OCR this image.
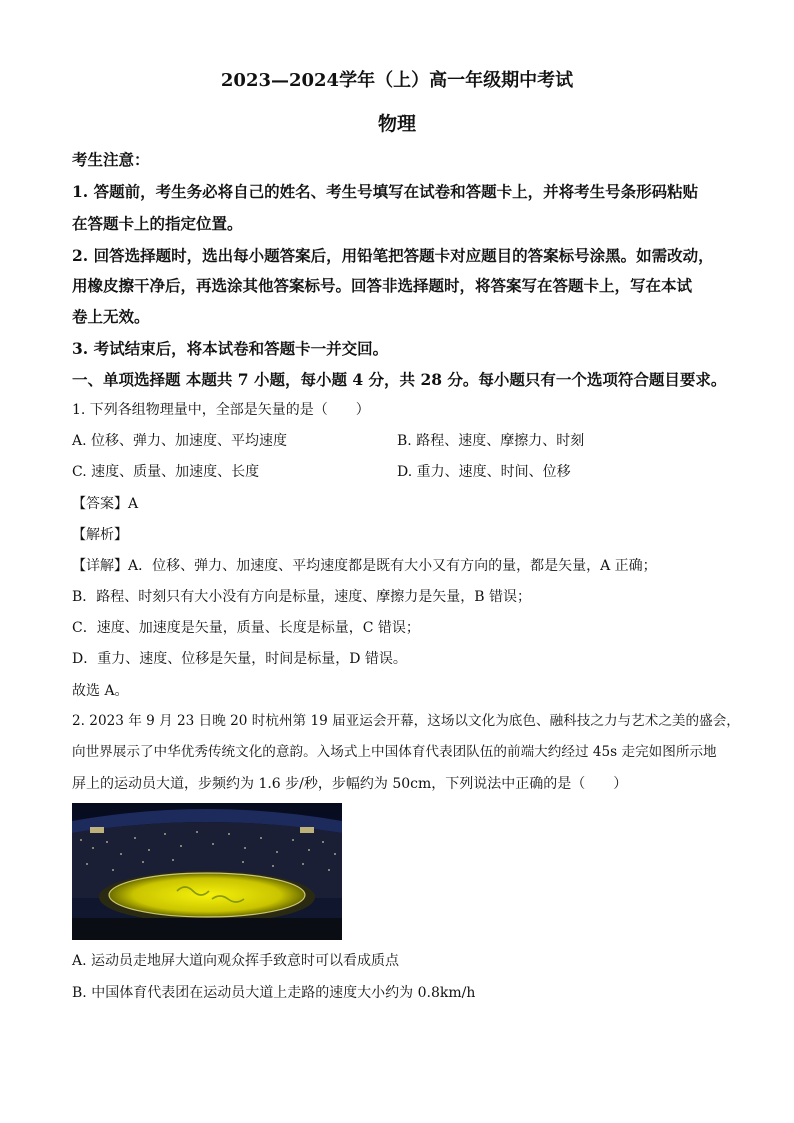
2023—2024学年（上）高一年级期中考试
物理
考生注意：
1. 答题前，考生务必将自己的姓名、考生号填写在试卷和答题卡上，并将考生号条形码粘贴
在答题卡上的指定位置。
2. 回答选择题时，选出每小题答案后，用铅笔把答题卡对应题目的答案标号涂黑。如需改动，
用橡皮擦干净后，再选涂其他答案标号。回答非选择题时，将答案写在答题卡上，写在本试
卷上无效。
3. 考试结束后，将本试卷和答题卡一并交回。
一、单项选择题 本题共 7 小题，每小题 4 分，共 28 分。每小题只有一个选项符合题目要求。
1. 下列各组物理量中，全部是矢量的是（　　）
A. 位移、弹力、加速度、平均速度	B. 路程、速度、摩擦力、时刻
C. 速度、质量、加速度、长度	D. 重力、速度、时间、位移
【答案】A
【解析】
【详解】A．位移、弹力、加速度、平均速度都是既有大小又有方向的量，都是矢量，A 正确；
B．路程、时刻只有大小没有方向是标量，速度、摩擦力是矢量，B 错误；
C．速度、加速度是矢量，质量、长度是标量，C 错误；
D．重力、速度、位移是矢量，时间是标量，D 错误。
故选 A。
2. 2023 年 9 月 23 日晚 20 时杭州第 19 届亚运会开幕，这场以文化为底色、融科技之力与艺术之美的盛会，
向世界展示了中华优秀传统文化的意韵。入场式上中国体育代表团队伍的前端大约经过 45s 走完如图所示地
屏上的运动员大道，步频约为 1.6 步/秒，步幅约为 50cm，下列说法中正确的是（　　）
A. 运动员走地屏大道向观众挥手致意时可以看成质点
B. 中国体育代表团在运动员大道上走路的速度大小约为 0.8km/h
